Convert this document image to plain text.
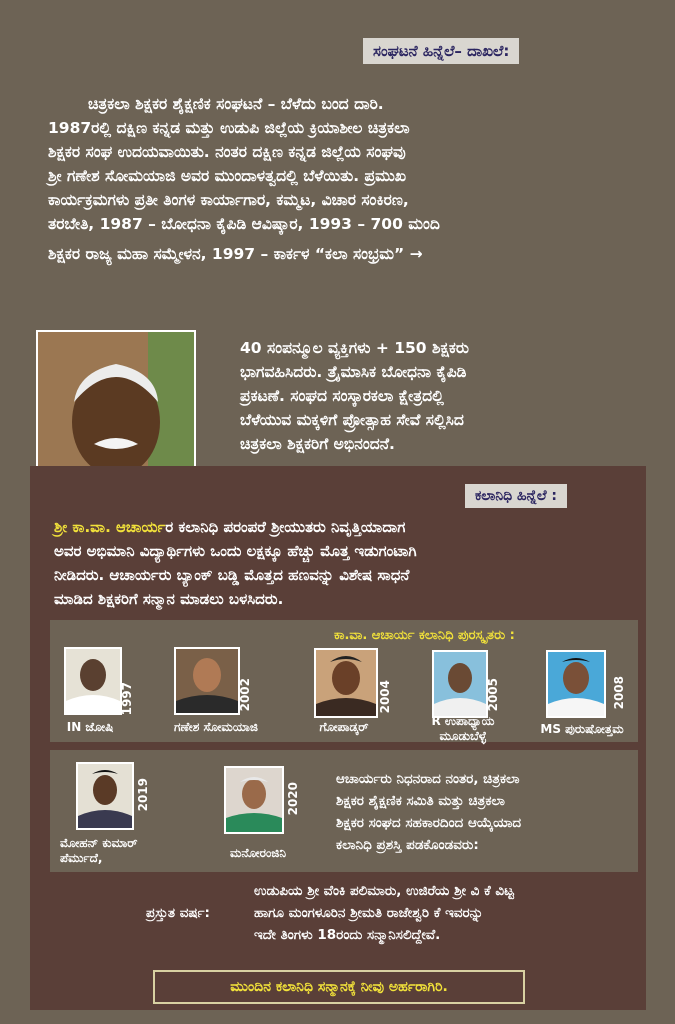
ಸಂಘಟನೆ ಹಿನ್ನೆಲೆ– ದಾಖಲೆ:
ಚಿತ್ರಕಲಾ ಶಿಕ್ಷಕರ ಶೈಕ್ಷಣಿಕ ಸಂಘಟನೆ – ಬೆಳೆದು ಬಂದ ದಾರಿ.
1987ರಲ್ಲಿ ದಕ್ಷಿಣ ಕನ್ನಡ ಮತ್ತು ಉಡುಪಿ ಜಿಲ್ಲೆಯ ಕ್ರಿಯಾಶೀಲ ಚಿತ್ರಕಲಾ
ಶಿಕ್ಷಕರ ಸಂಘ ಉದಯವಾಯಿತು. ನಂತರ ದಕ್ಷಿಣ ಕನ್ನಡ ಜಿಲ್ಲೆಯ ಸಂಘವು
ಶ್ರೀ ಗಣೇಶ ಸೋಮಯಾಜಿ ಅವರ ಮುಂದಾಳತ್ವದಲ್ಲಿ ಬೆಳೆಯಿತು. ಪ್ರಮುಖ
ಕಾರ್ಯಕ್ರಮಗಳು ಪ್ರತೀ ತಿಂಗಳ ಕಾರ್ಯಾಗಾರ, ಕಮ್ಮಟ, ವಿಚಾರ ಸಂಕಿರಣ,
ತರಬೇತಿ, 1987 – ಬೋಧನಾ ಕೈಪಿಡಿ ಆವಿಷ್ಕಾರ, 1993 – 700 ಮಂದಿ
ಶಿಕ್ಷಕರ ರಾಜ್ಯ ಮಹಾ ಸಮ್ಮೇಳನ, 1997 – ಕಾರ್ಕಳ “ಕಲಾ ಸಂಭ್ರಮ” →
40 ಸಂಪನ್ಮೂಲ ವ್ಯಕ್ತಿಗಳು + 150 ಶಿಕ್ಷಕರು
ಭಾಗವಹಿಸಿದರು. ತ್ರೈಮಾಸಿಕ ಬೋಧನಾ ಕೈಪಿಡಿ
ಪ್ರಕಟಣೆ. ಸಂಘದ ಸಂಸ್ಕಾರಕಲಾ ಕ್ಷೇತ್ರದಲ್ಲಿ
ಬೆಳೆಯುವ ಮಕ್ಕಳಿಗೆ ಪ್ರೋತ್ಸಾಹ ಸೇವೆ ಸಲ್ಲಿಸಿದ
ಚಿತ್ರಕಲಾ ಶಿಕ್ಷಕರಿಗೆ ಅಭಿನಂದನೆ.
ಕಲಾನಿಧಿ ಹಿನ್ನೆಲೆ :
ಶ್ರೀ ಕಾ.ವಾ. ಆಚಾರ್ಯರ ಕಲಾನಿಧಿ ಪರಂಪರೆ ಶ್ರೀಯುತರು ನಿವೃತ್ತಿಯಾದಾಗ
ಅವರ ಅಭಿಮಾನಿ ವಿದ್ಯಾರ್ಥಿಗಳು ಒಂದು ಲಕ್ಷಕ್ಕೂ ಹೆಚ್ಚು ಮೊತ್ತ ಇಡುಗಂಟಾಗಿ
ನೀಡಿದರು. ಆಚಾರ್ಯರು ಬ್ಯಾಂಕ್ ಬಡ್ಡಿ ಮೊತ್ತದ ಹಣವನ್ನು ವಿಶೇಷ ಸಾಧನೆ
ಮಾಡಿದ ಶಿಕ್ಷಕರಿಗೆ ಸನ್ಮಾನ ಮಾಡಲು ಬಳಸಿದರು.
ಕಾ.ವಾ. ಆಚಾರ್ಯ ಕಲಾನಿಧಿ ಪುರಸ್ಕೃತರು :
1997
IN ಜೋಷಿ
2002
ಗಣೇಶ ಸೋಮಯಾಜಿ
2004
ಗೋಪಾಡ್ಕರ್
2005
R ಉಪಾಧ್ಯಾಯ ಮೂಡುಬೆಳ್ಳೆ
2008
MS ಪುರುಷೋತ್ತಮ
2019
ಮೋಹನ್ ಕುಮಾರ್ ಪೆರ್ಮುದೆ,
2020
ಮನೋರಂಜಿನಿ
ಆಚಾರ್ಯರು ನಿಧನರಾದ ನಂತರ, ಚಿತ್ರಕಲಾ
ಶಿಕ್ಷಕರ ಶೈಕ್ಷಣಿಕ ಸಮಿತಿ ಮತ್ತು ಚಿತ್ರಕಲಾ
ಶಿಕ್ಷಕರ ಸಂಘದ ಸಹಕಾರದಿಂದ ಆಯ್ಕೆಯಾದ
ಕಲಾನಿಧಿ ಪ್ರಶಸ್ತಿ ಪಡಕೊಂಡವರು:
ಪ್ರಸ್ತುತ ವರ್ಷ:
ಉಡುಪಿಯ ಶ್ರೀ ವೆಂಕಿ ಪಲಿಮಾರು, ಉಜಿರೆಯ ಶ್ರೀ ವಿ ಕೆ ವಿಟ್ಟ
ಹಾಗೂ ಮಂಗಳೂರಿನ ಶ್ರೀಮತಿ ರಾಜೇಶ್ವರಿ ಕೆ ಇವರನ್ನು
ಇದೇ ತಿಂಗಳು 18ರಂದು ಸನ್ಮಾನಿಸಲಿದ್ದೇವೆ.
ಮುಂದಿನ ಕಲಾನಿಧಿ ಸನ್ಮಾನಕ್ಕೆ ನೀವು ಅರ್ಹರಾಗಿರಿ.
